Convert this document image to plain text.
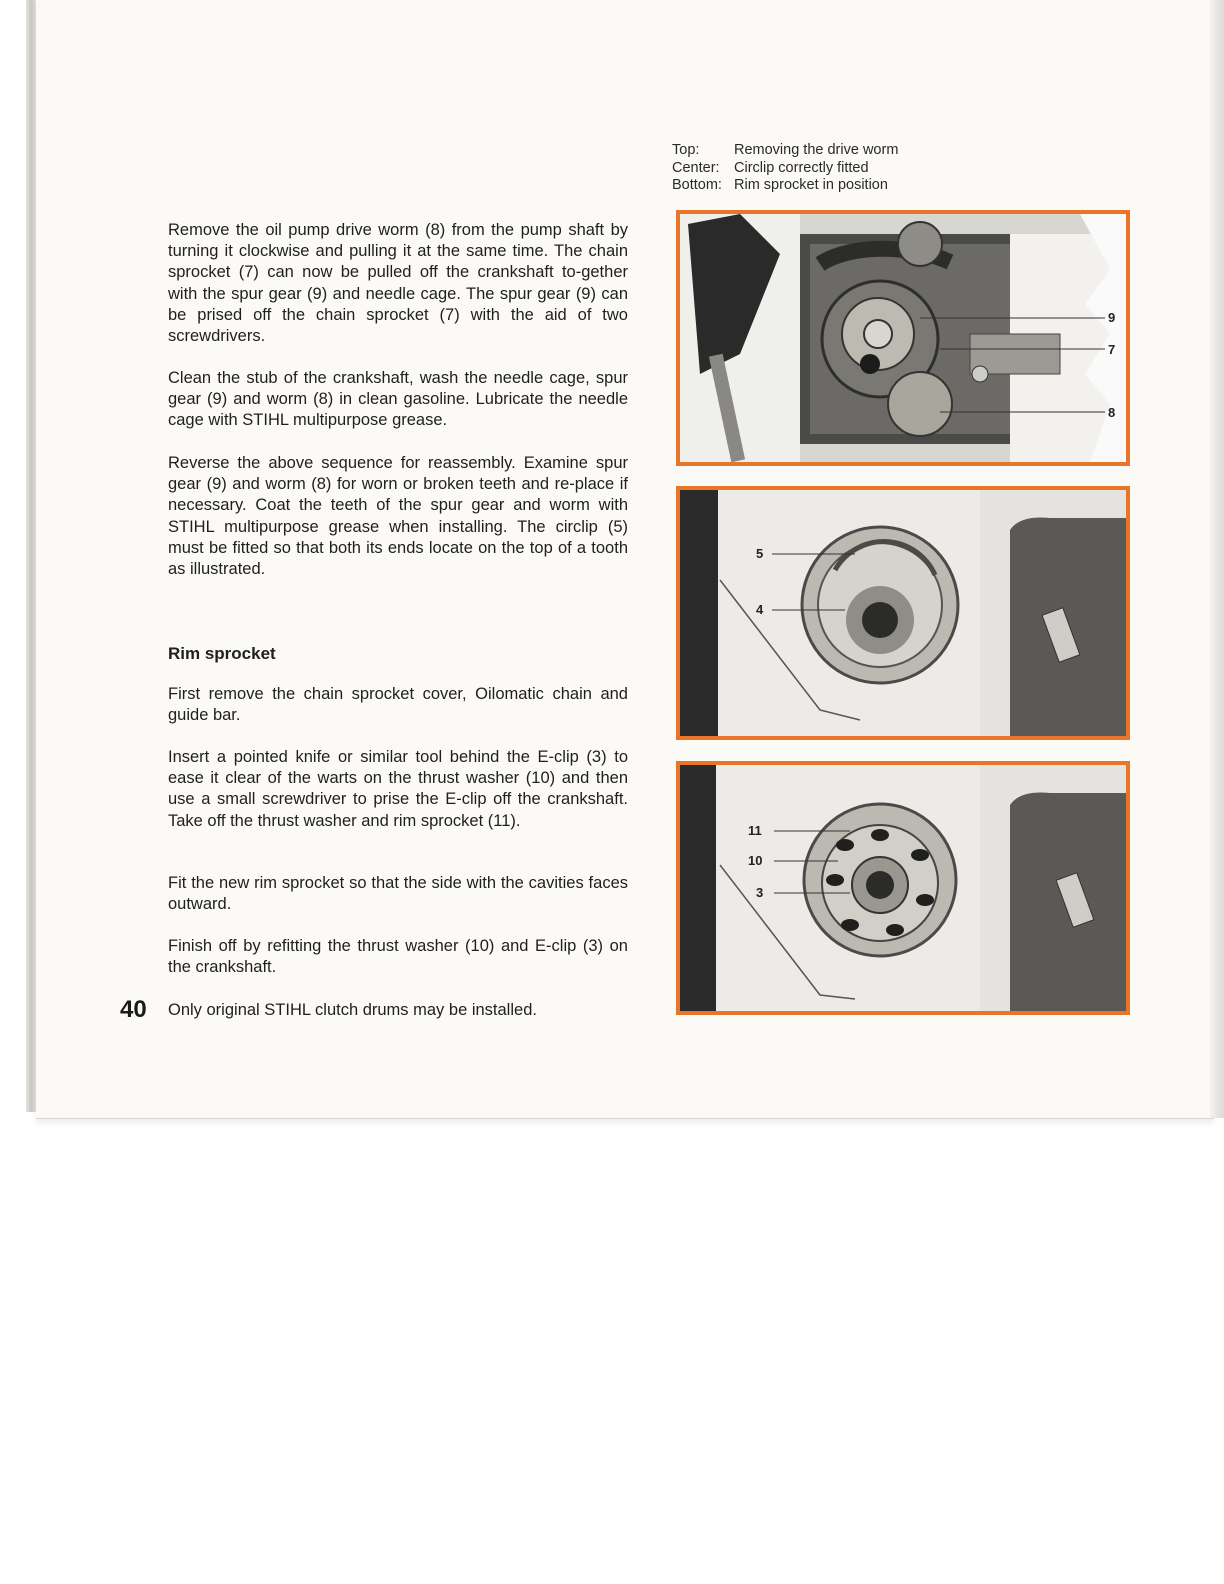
Top:	Removing the drive worm
Center: Circlip correctly fitted
Bottom: Rim sprocket in position

Remove the oil pump drive worm (8) from the pump shaft by turning it clockwise and pulling it at the same time. The chain sprocket (7) can now be pulled off the crankshaft to-gether with the spur gear (9) and needle cage. The spur gear (9) can be prised off the chain sprocket (7) with the aid of two screwdrivers.

Clean the stub of the crankshaft, wash the needle cage, spur gear (9) and worm (8) in clean gasoline. Lubricate the needle cage with STIHL multipurpose grease.

Reverse the above sequence for reassembly. Examine spur gear (9) and worm (8) for worn or broken teeth and re-place if necessary. Coat the teeth of the spur gear and worm with STIHL multipurpose grease when installing. The circlip (5) must be fitted so that both its ends locate on the top of a tooth as illustrated.

Rim sprocket

First remove the chain sprocket cover, Oilomatic chain and guide bar.

Insert a pointed knife or similar tool behind the E-clip (3) to ease it clear of the warts on the thrust washer (10) and then use a small screwdriver to prise the E-clip off the crankshaft. Take off the thrust washer and rim sprocket (11).

Fit the new rim sprocket so that the side with the cavities faces outward.

Finish off by refitting the thrust washer (10) and E-clip (3) on the crankshaft.

Only original STIHL clutch drums may be installed.

40
9
7
8
5
4
11
10
3
